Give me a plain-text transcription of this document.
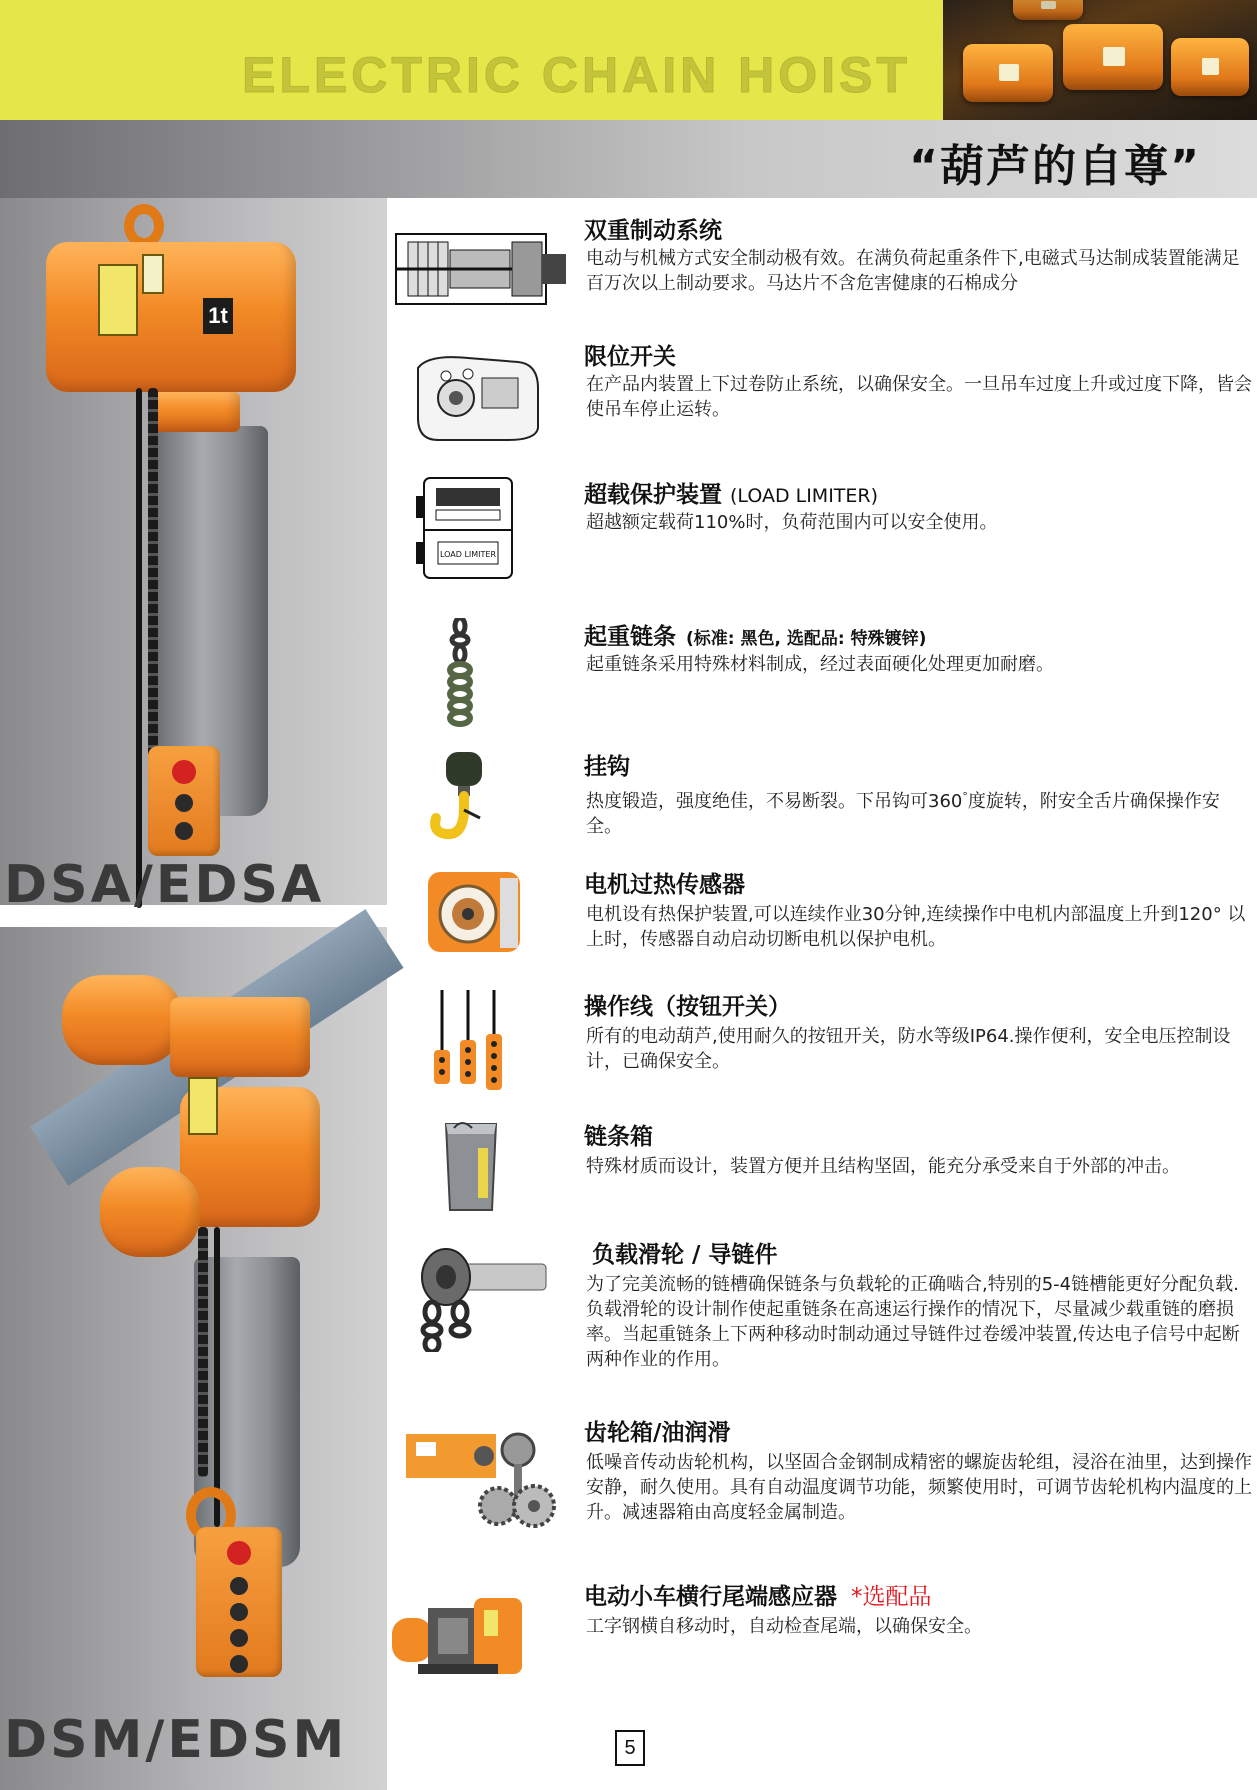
ELECTRIC CHAIN HOIST
“葫芦的自尊”
1t
DSA/EDSA
DSM/EDSM
双重制动系统

电动与机械方式安全制动极有效。在满负荷起重条件下,电磁式马达制成装置能满足百万次以上制动要求。马达片不含危害健康的石棉成分

限位开关

在产品内装置上下过卷防止系统，以确保安全。一旦吊车过度上升或过度下降，皆会使吊车停止运转。

LOAD LIMITER
超载保护装置 (LOAD LIMITER)

超越额定载荷110%时，负荷范围内可以安全使用。

起重链条 (标准: 黑色, 选配品: 特殊镀锌)

起重链条采用特殊材料制成，经过表面硬化处理更加耐磨。

挂钩

热度锻造，强度绝佳，不易断裂。下吊钩可360°度旋转，附安全舌片确保操作安全。

电机过热传感器

电机设有热保护装置,可以连续作业30分钟,连续操作中电机内部温度上升到120° 以上时，传感器自动启动切断电机以保护电机。

操作线（按钮开关）

所有的电动葫芦,使用耐久的按钮开关，防水等级IP64.操作便利，安全电压控制设计，已确保安全。

链条箱

特殊材质而设计，装置方便并且结构坚固，能充分承受来自于外部的冲击。

负载滑轮 / 导链件

为了完美流畅的链槽确保链条与负载轮的正确啮合,特别的5-4链槽能更好分配负载. 负载滑轮的设计制作使起重链条在高速运行操作的情况下，尽量减少载重链的磨损率。当起重链条上下两种移动时制动通过导链件过卷缓冲装置,传达电子信号中起断两种作业的作用。

齿轮箱/油润滑

低噪音传动齿轮机构，以坚固合金钢制成精密的螺旋齿轮组，浸浴在油里，达到操作安静，耐久使用。具有自动温度调节功能，频繁使用时，可调节齿轮机构内温度的上升。减速器箱由高度轻金属制造。

电动小车横行尾端感应器 *选配品

工字钢横自移动时，自动检查尾端，以确保安全。

5
